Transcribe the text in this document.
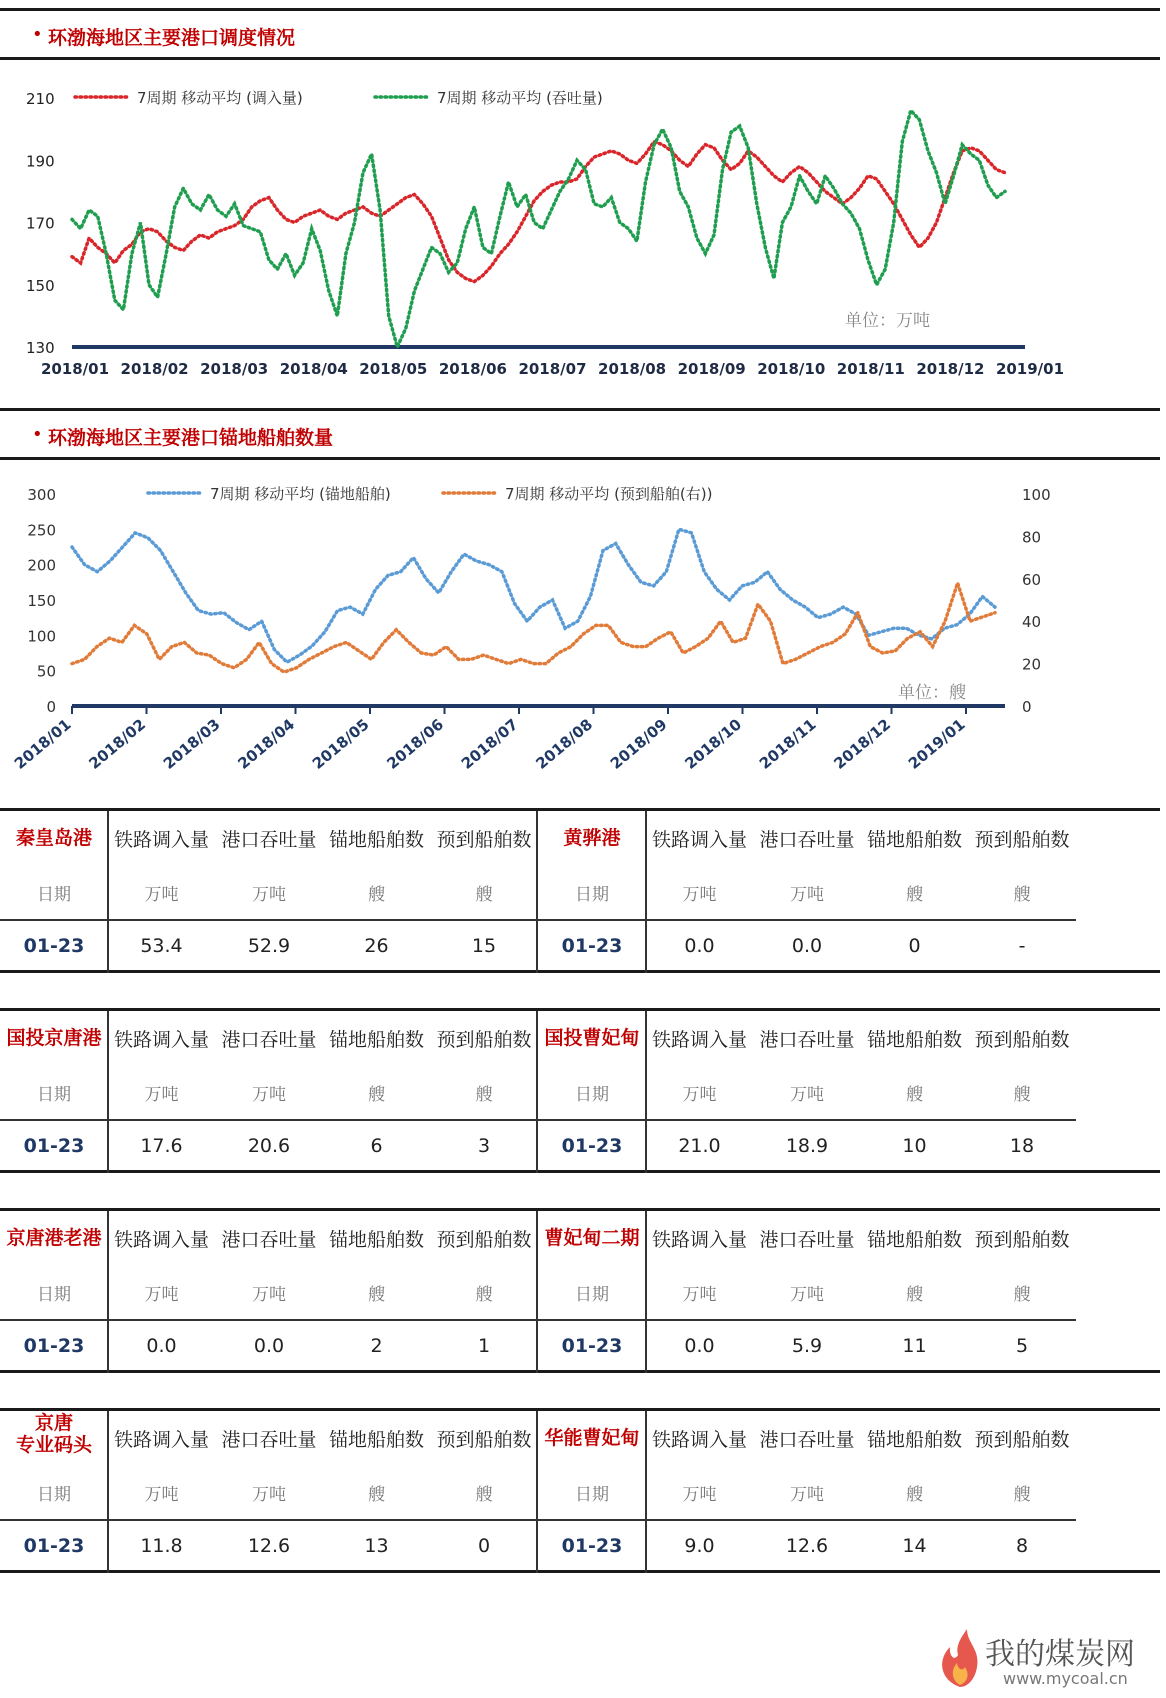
• 环渤海地区主要港口调度情况
210
190
170
150
130
2018/01 2018/02 2018/03 2018/04 2018/05 2018/06 2018/07 2018/08 2018/09 2018/10 2018/11 2018/12 2019/01
7周期 移动平均 (调入量)	7周期 移动平均 (吞吐量)
单位：万吨
• 环渤海地区主要港口锚地船舶数量
300
250
200
150
100
50
0
100
80
60
40
20
0
2018/01 2018/02 2018/03 2018/04 2018/05 2018/06 2018/07 2018/08 2018/09 2018/10 2018/11 2018/12 2019/01
7周期 移动平均 (锚地船舶)	7周期 移动平均 (预到船舶(右))
单位：艘
秦皇岛港	铁路调入量 港口吞吐量 锚地船舶数 预到船舶数
日期	万吨	万吨	艘	艘
01-23	53.4	52.9	26	15
黄骅港	铁路调入量 港口吞吐量 锚地船舶数 预到船舶数
日期	万吨	万吨	艘	艘
01-23	0.0	0.0	0	-
国投京唐港 铁路调入量 港口吞吐量 锚地船舶数 预到船舶数
日期	万吨	万吨	艘	艘
01-23	17.6	20.6	6	3
国投曹妃甸 铁路调入量 港口吞吐量 锚地船舶数 预到船舶数
日期	万吨	万吨	艘	艘
01-23	21.0	18.9	10	18
京唐港老港 铁路调入量 港口吞吐量 锚地船舶数 预到船舶数
日期	万吨	万吨	艘	艘
01-23	0.0	0.0	2	1
曹妃甸二期 铁路调入量 港口吞吐量 锚地船舶数 预到船舶数
日期	万吨	万吨	艘	艘
01-23	0.0	5.9	11	5
京唐
专业码头	铁路调入量 港口吞吐量 锚地船舶数 预到船舶数
日期	万吨	万吨	艘	艘
01-23	11.8	12.6	13	0
华能曹妃甸 铁路调入量 港口吞吐量 锚地船舶数 预到船舶数
日期	万吨	万吨	艘	艘
01-23	9.0	12.6	14	8
我的煤炭网
www.mycoal.cn
